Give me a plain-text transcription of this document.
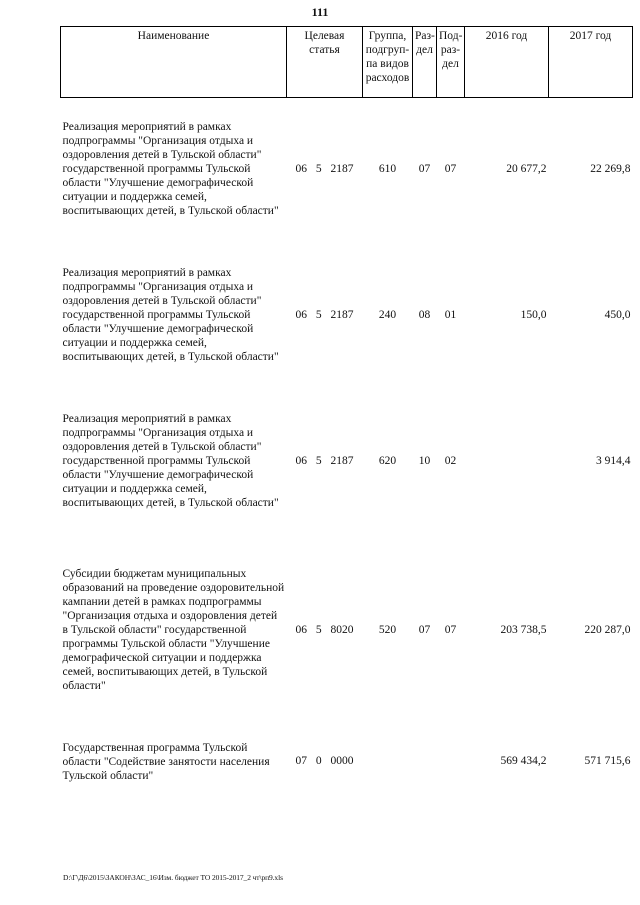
111
Наименование	Целевая статья	Группа, подгруп-па видов расходов	Раз-дел	Под-раз-дел	2016 год	2017 год

Реализация мероприятий в рамках подпрограммы "Организация отдыха и оздоровления детей в Тульской области" государственной программы Тульской области "Улучшение демографической ситуации и поддержка семей, воспитывающих детей, в Тульской области"	06 5 2187	610	07	07	20 677,2	22 269,8

Реализация мероприятий в рамках подпрограммы "Организация отдыха и оздоровления детей в Тульской области" государственной программы Тульской области "Улучшение демографической ситуации и поддержка семей, воспитывающих детей, в Тульской области"	06 5 2187	240	08	01	150,0	450,0

Реализация мероприятий в рамках подпрограммы "Организация отдыха и оздоровления детей в Тульской области" государственной программы Тульской области "Улучшение демографической ситуации и поддержка семей, воспитывающих детей, в Тульской области"	06 5 2187	620	10	02		3 914,4

Субсидии бюджетам муниципальных образований на проведение оздоровительной кампании детей в рамках подпрограммы "Организация отдыха и оздоровления детей в Тульской области" государственной программы Тульской области "Улучшение демографической ситуации и поддержка семей, воспитывающих детей, в Тульской области"	06 5 8020	520	07	07	203 738,5	220 287,0

Государственная программа Тульской области "Содействие занятости населения Тульской области"	07 0 0000				569 434,2	571 715,6
D:\Г\Д6\2015\ЗАКОН\ЗАС_16\Изм. бюджет ТО 2015-2017_2 чт\рп9.xls
